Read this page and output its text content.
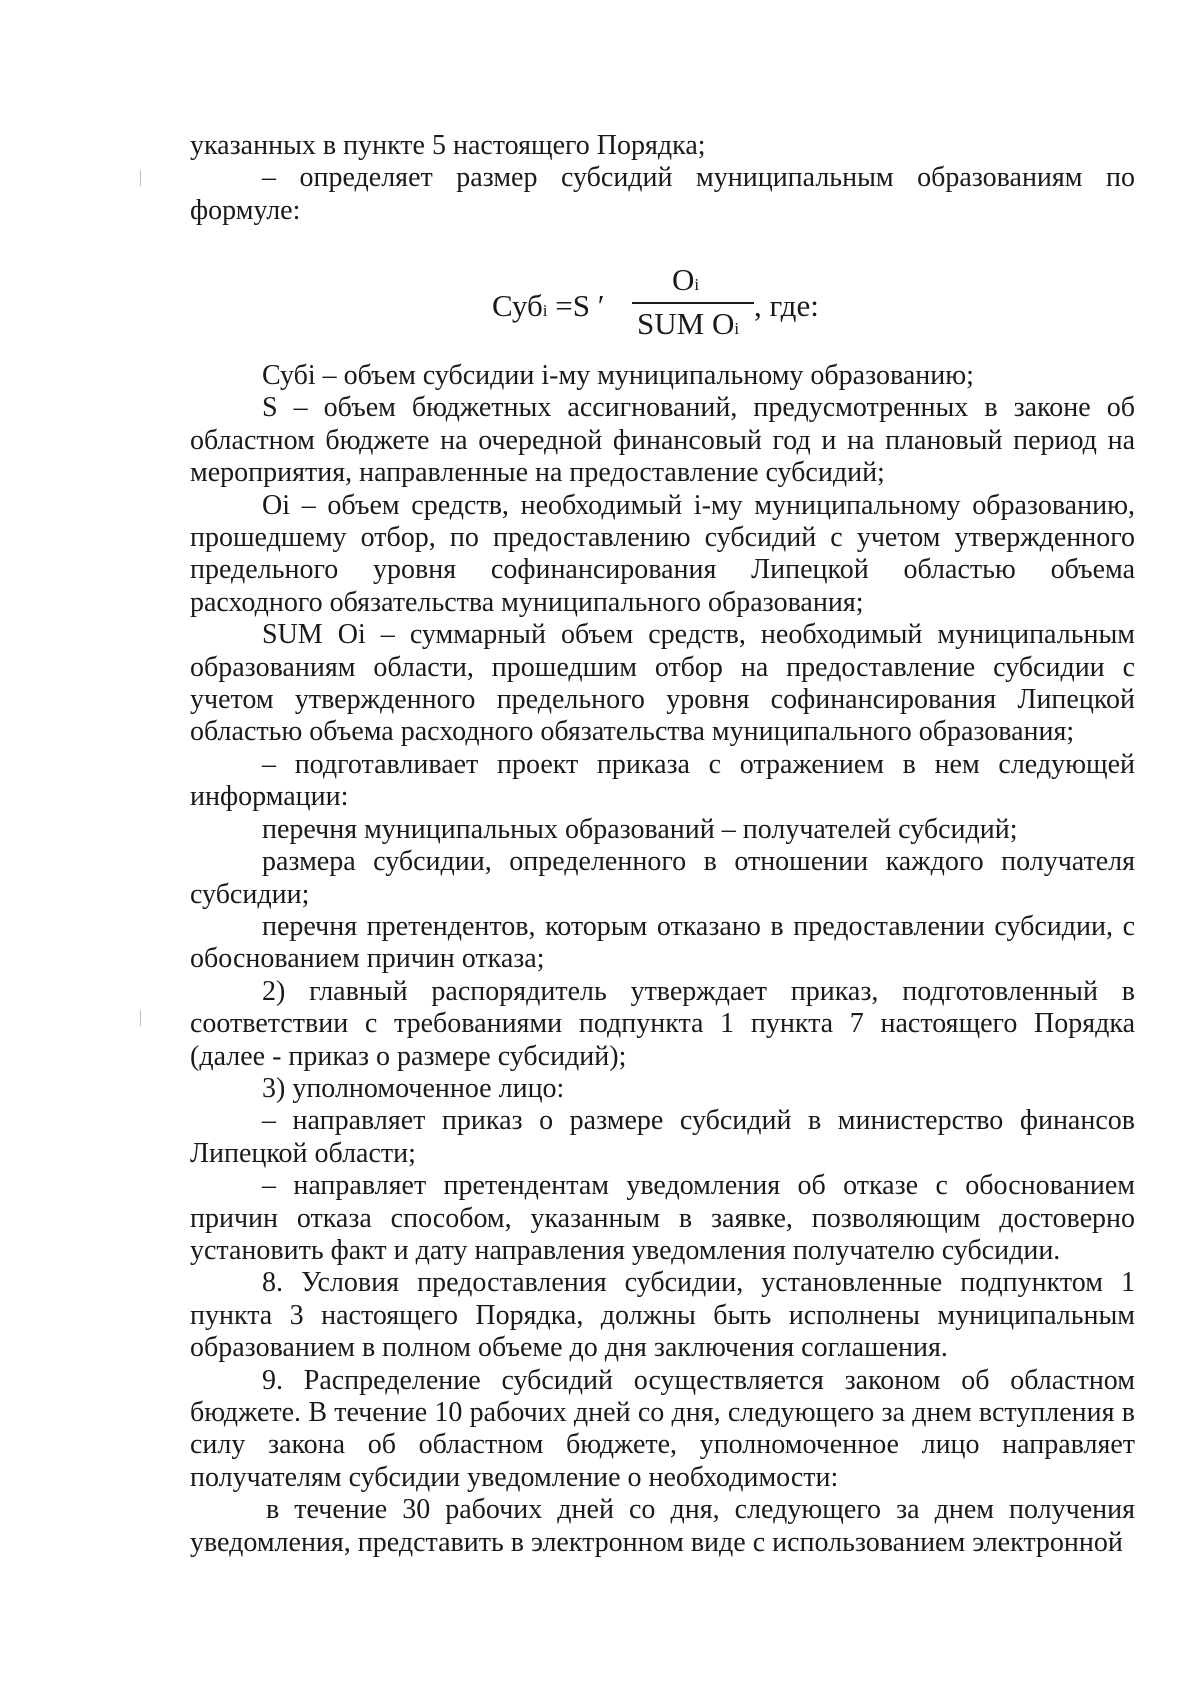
указанных в пункте 5 настоящего Порядка;

– определяет размер субсидий муниципальным образованиям по формуле:

Субi =S ′
Oi
SUM Oi
, где:

Субi – объем субсидии i-му муниципальному образованию;

S – объем бюджетных ассигнований, предусмотренных в законе об областном бюджете на очередной финансовый год и на плановый период на мероприятия, направленные на предоставление субсидий;

Oi – объем средств, необходимый i-му муниципальному образованию, прошедшему отбор, по предоставлению субсидий с учетом утвержденного предельного уровня софинансирования Липецкой областью объема расходного обязательства муниципального образования;

SUM Oi – суммарный объем средств, необходимый муниципальным образованиям области, прошедшим отбор на предоставление субсидии с учетом утвержденного предельного уровня софинансирования Липецкой областью объема расходного обязательства муниципального образования;

– подготавливает проект приказа с отражением в нем следующей информации:

перечня муниципальных образований – получателей субсидий;

размера субсидии, определенного в отношении каждого получателя субсидии;

перечня претендентов, которым отказано в предоставлении субсидии, с обоснованием причин отказа;

2) главный распорядитель утверждает приказ, подготовленный в соответствии с требованиями подпункта 1 пункта 7 настоящего Порядка (далее - приказ о размере субсидий);

3) уполномоченное лицо:

– направляет приказ о размере субсидий в министерство финансов Липецкой области;

– направляет претендентам уведомления об отказе с обоснованием причин отказа способом, указанным в заявке, позволяющим достоверно установить факт и дату направления уведомления получателю субсидии.

8. Условия предоставления субсидии, установленные подпунктом 1 пункта 3 настоящего Порядка, должны быть исполнены муниципальным образованием в полном объеме до дня заключения соглашения.

9. Распределение субсидий осуществляется законом об областном бюджете. В течение 10 рабочих дней со дня, следующего за днем вступления в силу закона об областном бюджете, уполномоченное лицо направляет получателям субсидии уведомление о необходимости:

в течение 30 рабочих дней со дня, следующего за днем получения уведомления, представить в электронном виде с использованием электронной
